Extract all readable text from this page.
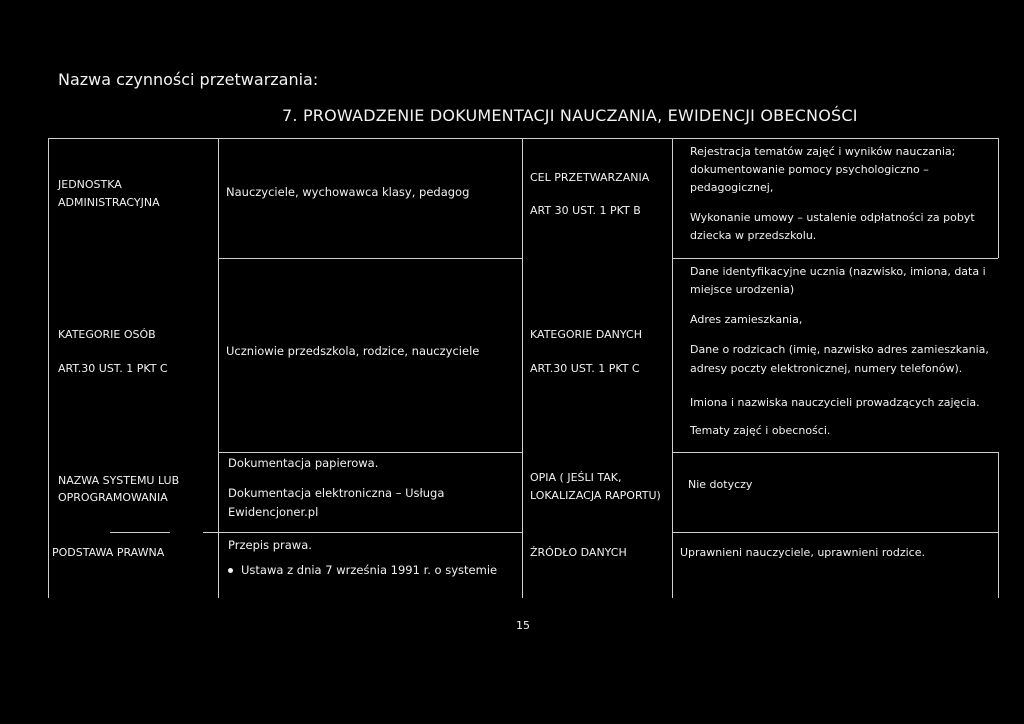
Nazwa czynności przetwarzania:
7. PROWADZENIE DOKUMENTACJI NAUCZANIA, EWIDENCJI OBECNOŚCI
JEDNOSTKA
ADMINISTRACYJNA
Nauczyciele, wychowawca klasy, pedagog
CEL PRZETWARZANIA
ART 30 UST. 1 PKT B
Rejestracja tematów zajęć i wyników nauczania;
dokumentowanie pomocy psychologiczno –
pedagogicznej,
Wykonanie umowy – ustalenie odpłatności za pobyt
dziecka w przedszkolu.
KATEGORIE OSÓB
ART.30 UST. 1 PKT C
Uczniowie przedszkola, rodzice, nauczyciele
KATEGORIE DANYCH
ART.30 UST. 1 PKT C
Dane identyfikacyjne ucznia (nazwisko, imiona, data i
miejsce urodzenia)
Adres zamieszkania,
Dane o rodzicach (imię, nazwisko adres zamieszkania,
adresy poczty elektronicznej, numery telefonów).
Imiona i nazwiska nauczycieli prowadzących zajęcia.
Tematy zajęć i obecności.
NAZWA SYSTEMU LUB
OPROGRAMOWANIA
Dokumentacja papierowa.
Dokumentacja elektroniczna – Usługa
Ewidencjoner.pl
OPIA ( JEŚLI TAK,
LOKALIZACJA RAPORTU)
Nie dotyczy
PODSTAWA PRAWNA
Przepis prawa.
Ustawa z dnia 7 września 1991 r. o systemie
ŹRÓDŁO DANYCH	Uprawnieni nauczyciele, uprawnieni rodzice.
15
